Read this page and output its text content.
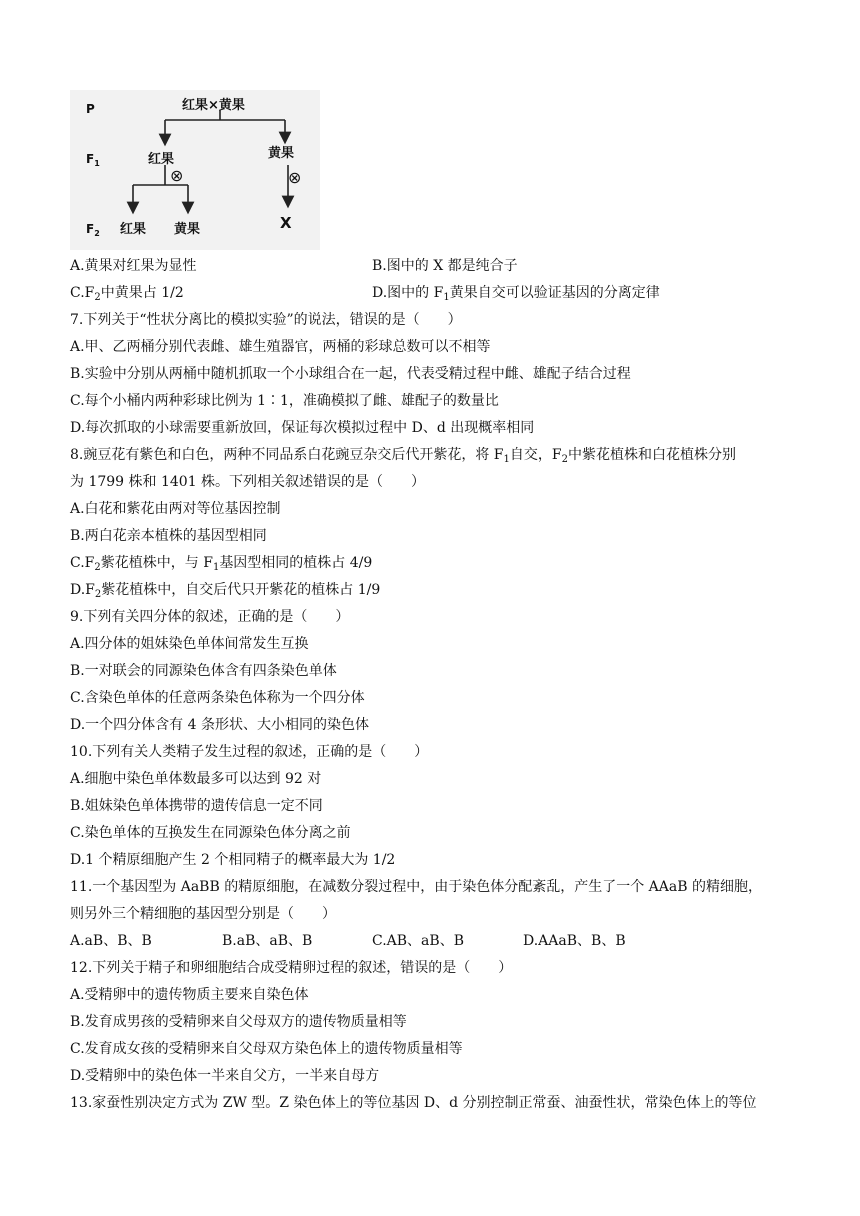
P
$F_1$
$F_2$
红果×黄果
红果	黄果
⊗	⊗
红果 黄果	X
A.黄果对红果为显性	B.图中的 X 都是纯合子
$C.F_2$中黄果占 1/2	D.图中的 $F_1$黄果自交可以验证基因的分离定律
7.下列关于“性状分离比的模拟实验”的说法，错误的是（　　）
A.甲、乙两桶分别代表雌、雄生殖器官，两桶的彩球总数可以不相等
B.实验中分别从两桶中随机抓取一个小球组合在一起，代表受精过程中雌、雄配子结合过程
C.每个小桶内两种彩球比例为 1∶1，准确模拟了雌、雄配子的数量比
D.每次抓取的小球需要重新放回，保证每次模拟过程中 D、d 出现概率相同
8.豌豆花有紫色和白色，两种不同品系白花豌豆杂交后代开紫花，将 $F_1$自交，$F_2$中紫花植株和白花植株分别
为 1799 株和 1401 株。下列相关叙述错误的是（　　）
A.白花和紫花由两对等位基因控制
B.两白花亲本植株的基因型相同
$C.F_2$紫花植株中，与 $F_1$基因型相同的植株占 4/9
$D.F_2$紫花植株中，自交后代只开紫花的植株占 1/9
9.下列有关四分体的叙述，正确的是（　　）
A.四分体的姐妹染色单体间常发生互换
B.一对联会的同源染色体含有四条染色单体
C.含染色单体的任意两条染色体称为一个四分体
D.一个四分体含有 4 条形状、大小相同的染色体
10.下列有关人类精子发生过程的叙述，正确的是（　　）
A.细胞中染色单体数最多可以达到 92 对
B.姐妹染色单体携带的遗传信息一定不同
C.染色单体的互换发生在同源染色体分离之前
D.1 个精原细胞产生 2 个相同精子的概率最大为 1/2
11.一个基因型为 AaBB 的精原细胞，在减数分裂过程中，由于染色体分配紊乱，产生了一个 AAaB 的精细胞，
则另外三个精细胞的基因型分别是（　　）
A.aB、B、B	B.aB、aB、B	C.AB、aB、B	D.AAaB、B、B
12.下列关于精子和卵细胞结合成受精卵过程的叙述，错误的是（　　）
A.受精卵中的遗传物质主要来自染色体
B.发育成男孩的受精卵来自父母双方的遗传物质量相等
C.发育成女孩的受精卵来自父母双方染色体上的遗传物质量相等
D.受精卵中的染色体一半来自父方，一半来自母方
13.家蚕性别决定方式为 ZW 型。Z 染色体上的等位基因 D、d 分别控制正常蚕、油蚕性状，常染色体上的等位
